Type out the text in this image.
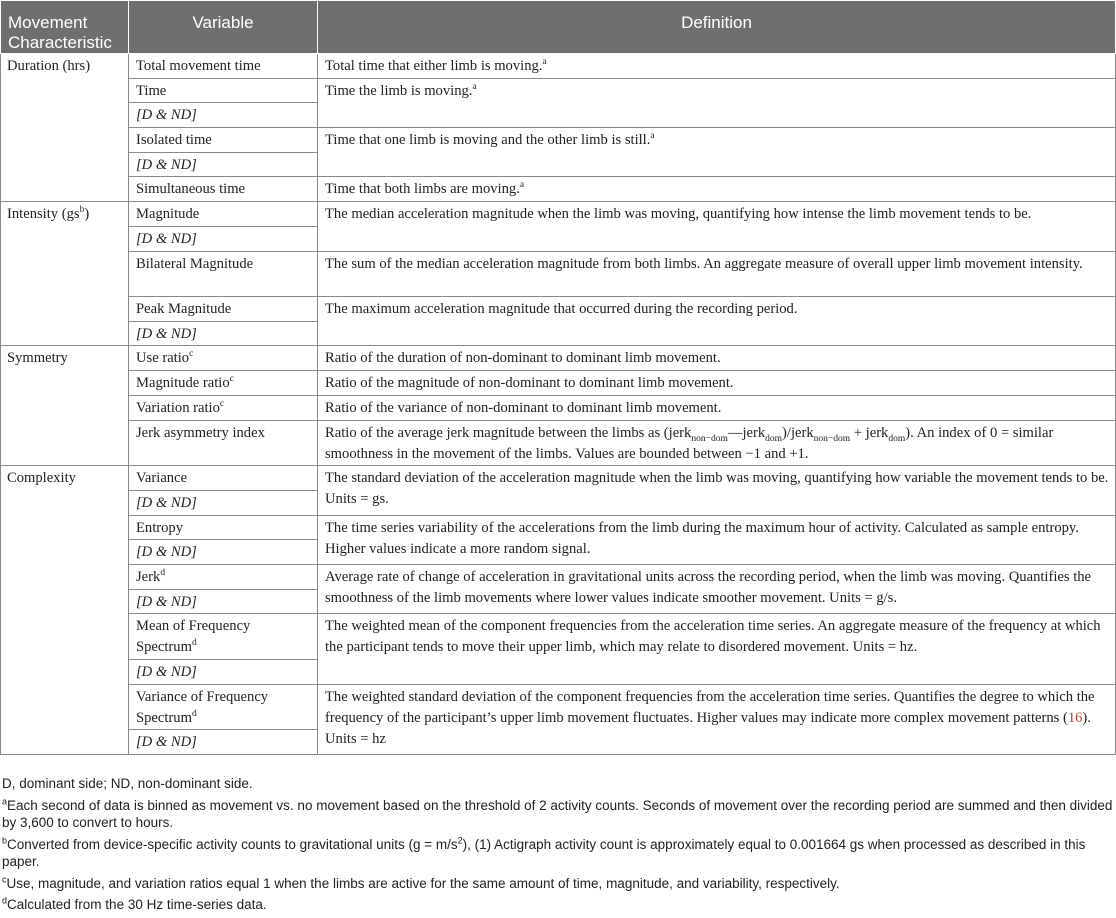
Movement Characteristic	Variable	Definition
Duration (hrs)	Total movement time	Total time that either limb is moving.$^a$
	Time	Time the limb is moving.$^a$
	[D & ND]	
	Isolated time	Time that one limb is moving and the other limb is still.$^a$
	[D & ND]	
	Simultaneous time	Time that both limbs are moving.$^a$
Intensity $(gs^b)$	Magnitude	The median acceleration magnitude when the limb was moving, quantifying how intense the limb movement tends to be.
	[D & ND]	
	Bilateral Magnitude	The sum of the median acceleration magnitude from both limbs. An aggregate measure of overall upper limb movement intensity.
	Peak Magnitude	The maximum acceleration magnitude that occurred during the recording period.
	[D & ND]	
Symmetry	Use ratio$^c$	Ratio of the duration of non-dominant to dominant limb movement.
	Magnitude ratio$^c$	Ratio of the magnitude of non-dominant to dominant limb movement.
	Variation ratio$^c$	Ratio of the variance of non-dominant to dominant limb movement.
	Jerk asymmetry index	Ratio of the average jerk magnitude between the limbs as (jerk$_{non-dom}$—jerk$_{dom}$)/jerk$_{non-dom}$ + jerk$_{dom}$). An index of 0 = similar smoothness in the movement of the limbs. Values are bounded between −1 and +1.
Complexity	Variance	The standard deviation of the acceleration magnitude when the limb was moving, quantifying how variable the movement tends to be. Units = gs.
	[D & ND]	
	Entropy	The time series variability of the accelerations from the limb during the maximum hour of activity. Calculated as sample entropy. Higher values indicate a more random signal.
	[D & ND]	
	Jerk$^d$	Average rate of change of acceleration in gravitational units across the recording period, when the limb was moving. Quantifies the smoothness of the limb movements where lower values indicate smoother movement. Units = g/s.
	[D & ND]	
	Mean of Frequency Spectrum$^d$	The weighted mean of the component frequencies from the acceleration time series. An aggregate measure of the frequency at which the participant tends to move their upper limb, which may relate to disordered movement. Units = hz.
	[D & ND]	
	Variance of Frequency Spectrum$^d$	The weighted standard deviation of the component frequencies from the acceleration time series. Quantifies the degree to which the frequency of the participant’s upper limb movement fluctuates. Higher values may indicate more complex movement patterns (16). Units = hz
	[D & ND]	

D, dominant side; ND, non-dominant side.

$^a$Each second of data is binned as movement vs. no movement based on the threshold of 2 activity counts. Seconds of movement over the recording period are summed and then divided by 3,600 to convert to hours.

$^b$Converted from device-specific activity counts to gravitational units $(g = m/s^2)$, (1) Actigraph activity count is approximately equal to 0.001664 gs when processed as described in this paper.

$^c$Use, magnitude, and variation ratios equal 1 when the limbs are active for the same amount of time, magnitude, and variability, respectively.

$^d$Calculated from the 30 Hz time-series data.
